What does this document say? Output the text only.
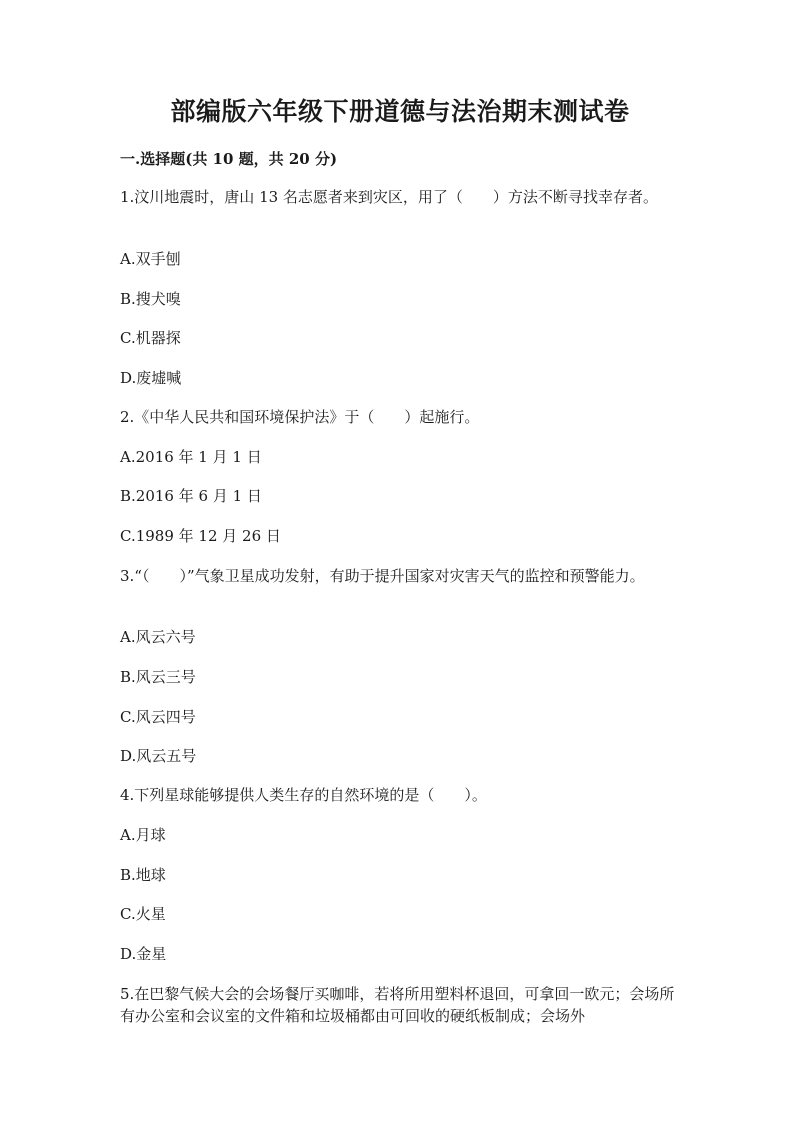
部编版六年级下册道德与法治期末测试卷
一.选择题(共 10 题，共 20 分)
1.汶川地震时，唐山 13 名志愿者来到灾区，用了（　　）方法不断寻找幸存者。
A.双手刨
B.搜犬嗅
C.机器探
D.废墟喊
2.《中华人民共和国环境保护法》于（　　）起施行。
A.2016 年 1 月 1 日
B.2016 年 6 月 1 日
C.1989 年 12 月 26 日
3.“（　　）”气象卫星成功发射，有助于提升国家对灾害天气的监控和预警能力。
A.风云六号
B.风云三号
C.风云四号
D.风云五号
4.下列星球能够提供人类生存的自然环境的是（　　）。
A.月球
B.地球
C.火星
D.金星
5.在巴黎气候大会的会场餐厅买咖啡，若将所用塑料杯退回，可拿回一欧元；会场所有办公室和会议室的文件箱和垃圾桶都由可回收的硬纸板制成；会场外
